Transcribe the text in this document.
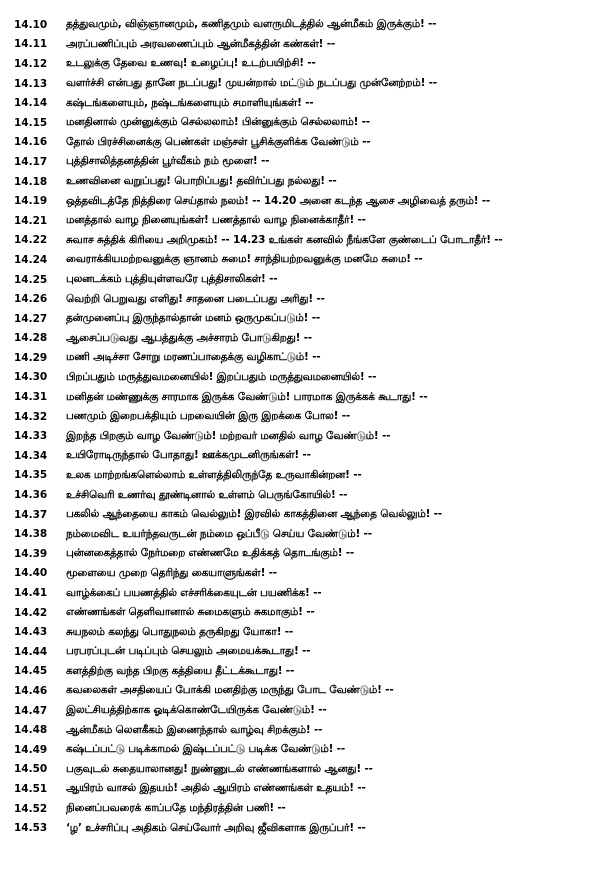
14.10	தத்துவமும், விஞ்ஞானமும், கணிதமும் வளருமிடத்தில் ஆன்மீகம் இருக்கும்! --
14.11	அரப்பணிப்பும் அரவணைப்பும் ஆன்மீகத்தின் கண்கள்! --
14.12	உடலுக்கு தேவை உணவு! உழைப்பு! உடற்பயிற்சி! --
14.13	வளர்ச்சி என்பது தானே நடப்பது! முயன்றால் மட்டும் நடப்பது முன்னேற்றம்! --
14.14	கஷ்டங்களையும், நஷ்டங்களையும் சமாளியுங்கள்! --
14.15	மனதினால் முன்னுக்கும் செல்லலாம்! பின்னுக்கும் செல்லலாம்! --
14.16	தோல் பிரச்சினைக்கு பெண்கள் மஞ்சள் பூசிக்குளிக்க வேண்டும் --
14.17	புத்திசாலித்தனத்தின் பூர்வீகம் நம் மூளை! --
14.18	உணவினை வறுப்பது! பொறிப்பது! தவிர்ப்பது நல்லது! --
14.19	ஒத்தவிடத்தே நித்திரை செய்தால் நலம்! -- 14.20 அனை கடந்த ஆசை அழிவைத் தரும்! --
14.21	மனத்தால் வாழ நினையுங்கள்! பணத்தால் வாழ நினைக்காதீர்! --
14.22	சுவாச சுத்திக் கிரியை அறிமுகம்! -- 14.23 உங்கள் கனவில் நீங்களே குண்டைப் போடாதீர்! --
14.24	வைராக்கியமற்றவனுக்கு ஞானம் சுமை! சாந்தியற்றவனுக்கு மனமே சுமை! --
14.25	புலனடக்கம் புத்தியுள்ளவரே புத்திசாலிகள்! --
14.26	வெற்றி பெறுவது எளிது! சாதனை படைப்பது அரிது! --
14.27	தன்முனைப்பு இருந்தால்தான் மனம் ஒருமுகப்படும்! --
14.28	ஆசைப்படுவது ஆபத்துக்கு அச்சாரம் போடுகிறது! --
14.29	மணி அடிச்சா சோறு மரணப்பாதைக்கு வழிகாட்டும்! --
14.30	பிறப்பதும் மருத்துவமனையில்! இறப்பதும் மருத்துவமனையில்! --
14.31	மனிதன் மண்ணுக்கு சாரமாக இருக்க வேண்டும்! பாரமாக இருக்கக் கூடாது! --
14.32	பணமும் இறைபக்தியும் பறவையின் இரு இறக்கை போல! --
14.33	இறந்த பிறகும் வாழ வேண்டும்! மற்றவர் மனதில் வாழ வேண்டும்! --
14.34	உயிரோடிருந்தால் போதாது! ஊக்கமுடனிருங்கள்! --
14.35	உலக மாற்றங்களெல்லாம் உள்ளத்திலிருந்தே உருவாகின்றன! --
14.36	உச்சிவெரி உணர்வு தூண்டினால் உள்ளம் பெருங்கோயில்! --
14.37	பகலில் ஆந்தையை காகம் வெல்லும்! இரவில் காகத்தினை ஆந்தை வெல்லும்! --
14.38	நம்மைவிட உயர்ந்தவருடன் நம்மை ஒப்பீடு செய்ய வேண்டும்! --
14.39	புன்னகைத்தால் நேர்மறை எண்ணமே உதிக்கத் தொடங்கும்! --
14.40	மூளையை முறை தெரிந்து கையாளுங்கள்! --
14.41	வாழ்க்கைப் பயணத்தில் எச்சரிக்கையுடன் பயணிக்க! --
14.42	எண்ணங்கள் தெளிவானால் சுமைகளும் சுகமாகும்! --
14.43	சுயநலம் கலந்து பொதுநலம் தருகிறது யோகா! --
14.44	பரபரப்புடன் படிப்பும் செயலும் அமையக்கூடாது! --
14.45	களத்திற்கு வந்த பிறகு கத்தியை தீட்டக்கூடாது! --
14.46	கவலைகள் அசதியைப் போக்கி மனதிற்கு மருந்து போட வேண்டும்! --
14.47	இலட்சியத்திற்காக ஓடிக்கொண்டேயிருக்க வேண்டும்! --
14.48	ஆன்மீகம் லௌகீகம் இணைந்தால் வாழ்வு சிறக்கும்! --
14.49	கஷ்டப்பட்டு படிக்காமல் இஷ்டப்பட்டு படிக்க வேண்டும்! --
14.50	பகுவுடல் சுதையாலானது! நுண்ணுடல் எண்ணங்களால் ஆனது! --
14.51	ஆயிரம் வாசல் இதயம்! அதில் ஆயிரம் எண்ணங்கள் உதயம்! --
14.52	நினைப்பவரைக் காப்பதே மந்திரத்தின் பணி! --
14.53	‘ழ’ உச்சரிப்பு அதிகம் செய்வோர் அறிவு ஜீவிகளாக இருப்பர்! --
